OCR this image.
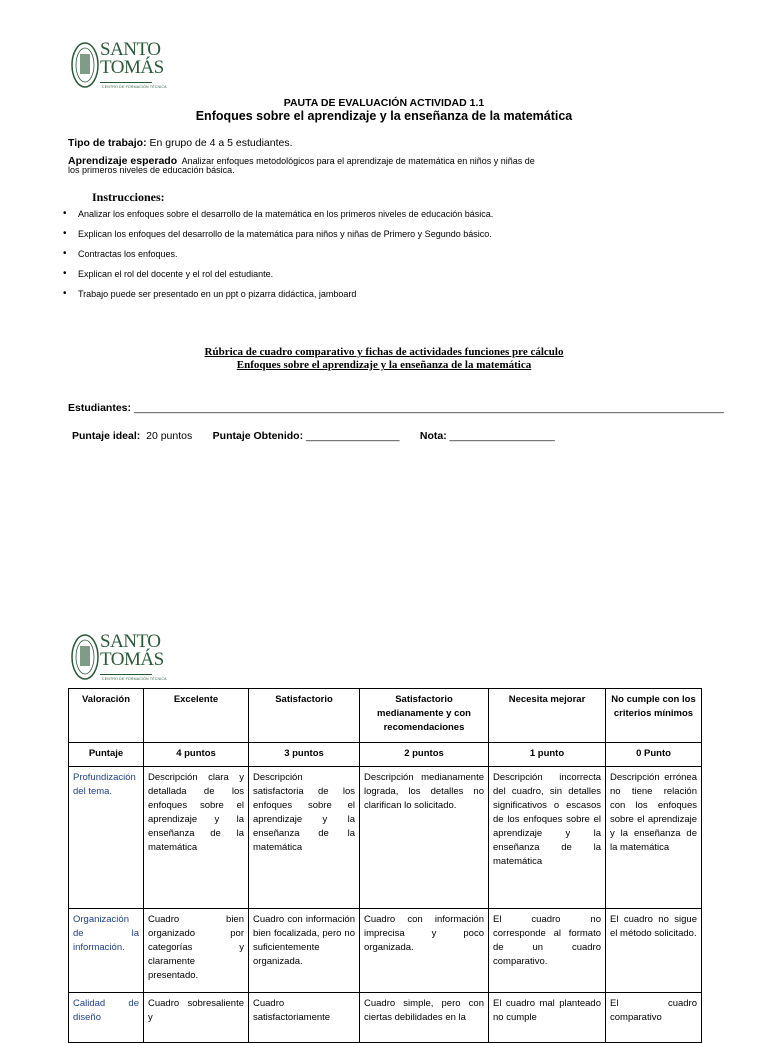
SANTO
TOMÁS
CENTRO DE FORMACIÓN TÉCNICA
PAUTA DE EVALUACIÓN ACTIVIDAD 1.1
Enfoques sobre el aprendizaje y la enseñanza de la matemática
Tipo de trabajo: En grupo de 4 a 5 estudiantes.
Aprendizaje esperado Analizar enfoques metodológicos para el aprendizaje de matemática en niños y niñas de
los primeros niveles de educación básica.
Instrucciones:
• Analizar los enfoques sobre el desarrollo de la matemática en los primeros niveles de educación básica.
• Explican los enfoques del desarrollo de la matemática para niños y niñas de Primero y Segundo básico.
• Contractas los enfoques.
• Explican el rol del docente y el rol del estudiante.
• Trabajo puede ser presentado en un ppt o pizarra didáctica, jamboard
Rúbrica de cuadro comparativo y fichas de actividades funciones pre cálculo
Enfoques sobre el aprendizaje y la enseñanza de la matemática
Estudiantes: _____________________________________________________________________________________________________
Puntaje ideal: 20 puntos Puntaje Obtenido: ________________ Nota: __________________
SANTO
TOMÁS
CENTRO DE FORMACIÓN TÉCNICA
Valoración	Excelente	Satisfactorio	Satisfactorio medianamente y con recomendaciones	Necesita mejorar	No cumple con los criterios mínimos
Puntaje	4 puntos	3 puntos	2 puntos	1 punto	0 Punto
Profundización del tema.	Descripción clara y detallada de los enfoques sobre el aprendizaje y la enseñanza de la matemática	Descripción satisfactoria de los enfoques sobre el aprendizaje y la enseñanza de la matemática	Descripción medianamente lograda, los detalles no clarifican lo solicitado.	Descripción incorrecta del cuadro, sin detalles significativos o escasos de los enfoques sobre el aprendizaje y la enseñanza de la matemática	Descripción errónea no tiene relación con los enfoques sobre el aprendizaje y la enseñanza de la matemática
Organización de la información.	Cuadro bien organizado por categorías y claramente presentado.	Cuadro con información bien focalizada, pero no suficientemente organizada.	Cuadro con información imprecisa y poco organizada.	El cuadro no corresponde al formato de un cuadro comparativo.	El cuadro no sigue el método solicitado.
Calidad de diseño	Cuadro sobresaliente y	Cuadro satisfactoriamente	Cuadro simple, pero con ciertas debilidades en la	El cuadro mal planteado no cumple	El cuadro comparativo
